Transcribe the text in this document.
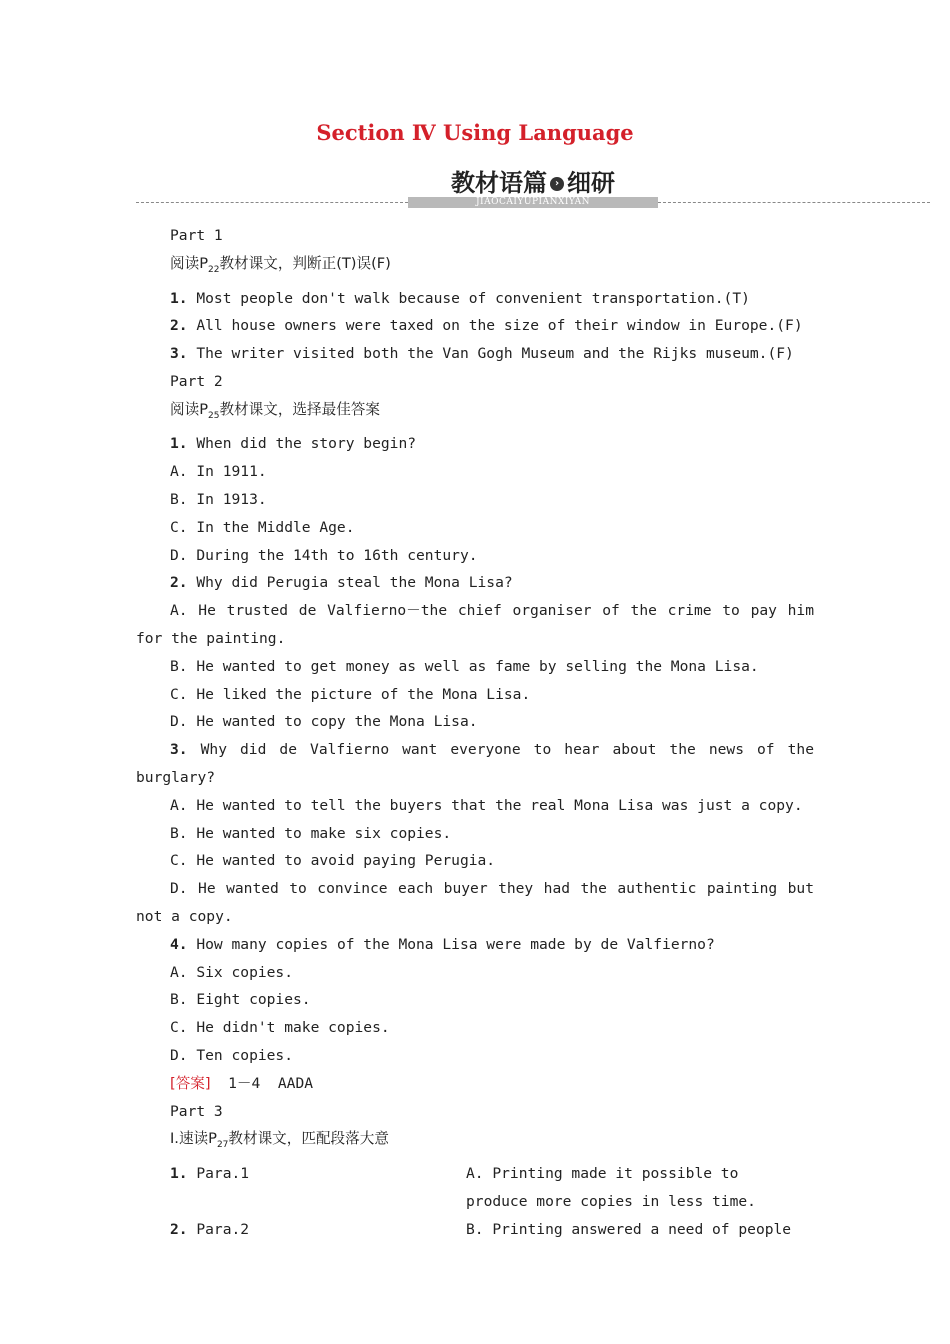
Section Ⅳ Using Language
教材语篇 › 细研
JIAOCAIYUPIANXIYAN
Part 1
阅读$P_{22}$教材课文，判断正(T)误(F)
1. Most people don't walk because of convenient transportation.(T)
2. All house owners were taxed on the size of their window in Europe.(F)
3. The writer visited both the Van Gogh Museum and the Rijks museum.(F)
Part 2
阅读$P_{25}$教材课文，选择最佳答案
1. When did the story begin?
A. In 1911.
B. In 1913.
C. In the Middle Age.
D. During the 14th to 16th century.
2. Why did Perugia steal the Mona Lisa?
A. He trusted de Valfierno－the chief organiser of the crime to pay him for the painting.
B. He wanted to get money as well as fame by selling the Mona Lisa.
C. He liked the picture of the Mona Lisa.
D. He wanted to copy the Mona Lisa.
3. Why did de Valfierno want everyone to hear about the news of the burglary?
A. He wanted to tell the buyers that the real Mona Lisa was just a copy.
B. He wanted to make six copies.
C. He wanted to avoid paying Perugia.
D. He wanted to convince each buyer they had the authentic painting but not a copy.
4. How many copies of the Mona Lisa were made by de Valfierno?
A. Six copies.
B. Eight copies.
C. He didn't make copies.
D. Ten copies.
[答案]  1－4  AADA
Part 3
Ⅰ.速读$P_{27}$教材课文，匹配段落大意
1. Para.1	A. Printing made it possible to
produce more copies in less time.
2. Para.2	B. Printing answered a need of people
